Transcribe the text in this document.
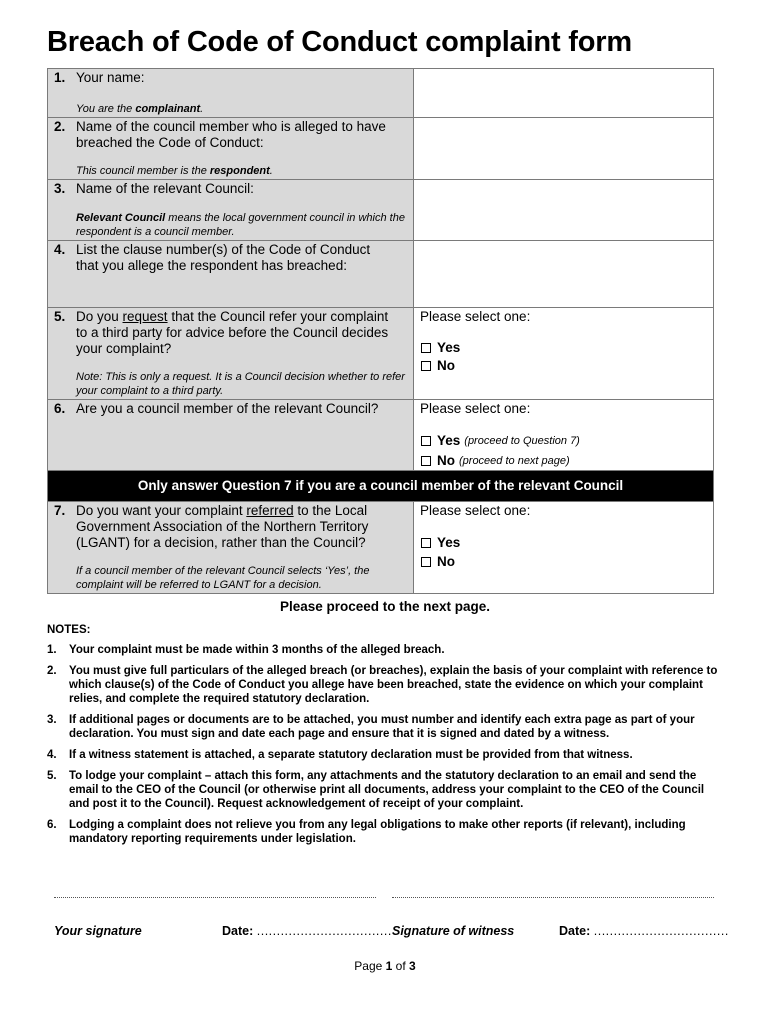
Breach of Code of Conduct complaint form
1. Your name:
You are the complainant.
2. Name of the council member who is alleged to have
breached the Code of Conduct:
This council member is the respondent.
3. Name of the relevant Council:
Relevant Council means the local government council in which the respondent is a council member.
4. List the clause number(s) of the Code of Conduct
that you allege the respondent has breached:
5. Do you request that the Council refer your complaint
to a third party for advice before the Council decides
your complaint?
Note: This is only a request. It is a Council decision whether to refer your complaint to a third party.
Please select one:
Yes
No
6. Are you a council member of the relevant Council?	Please select one:
Yes (proceed to Question 7)
No (proceed to next page)
Only answer Question 7 if you are a council member of the relevant Council
7. Do you want your complaint referred to the Local
Government Association of the Northern Territory
(LGANT) for a decision, rather than the Council?
If a council member of the relevant Council selects ‘Yes’, the complaint will be referred to LGANT for a decision.
Please select one:
Yes
No
Please proceed to the next page.
NOTES:
1.	Your complaint must be made within 3 months of the alleged breach.
2.	You must give full particulars of the alleged breach (or breaches), explain the basis of your complaint with reference to which clause(s) of the Code of Conduct you allege have been breached, state the evidence on which your complaint relies, and complete the required statutory declaration.
3.	If additional pages or documents are to be attached, you must number and identify each extra page as part of your declaration. You must sign and date each page and ensure that it is signed and dated by a witness.
4.	If a witness statement is attached, a separate statutory declaration must be provided from that witness.
5.	To lodge your complaint – attach this form, any attachments and the statutory declaration to an email and send the email to the CEO of the Council (or otherwise print all documents, address your complaint to the CEO of the Council and post it to the Council). Request acknowledgement of receipt of your complaint.
6.	Lodging a complaint does not relieve you from any legal obligations to make other reports (if relevant), including mandatory reporting requirements under legislation.
Your signature	Date: .................................. Signature of witness	Date: ..................................
Page 1 of 3
